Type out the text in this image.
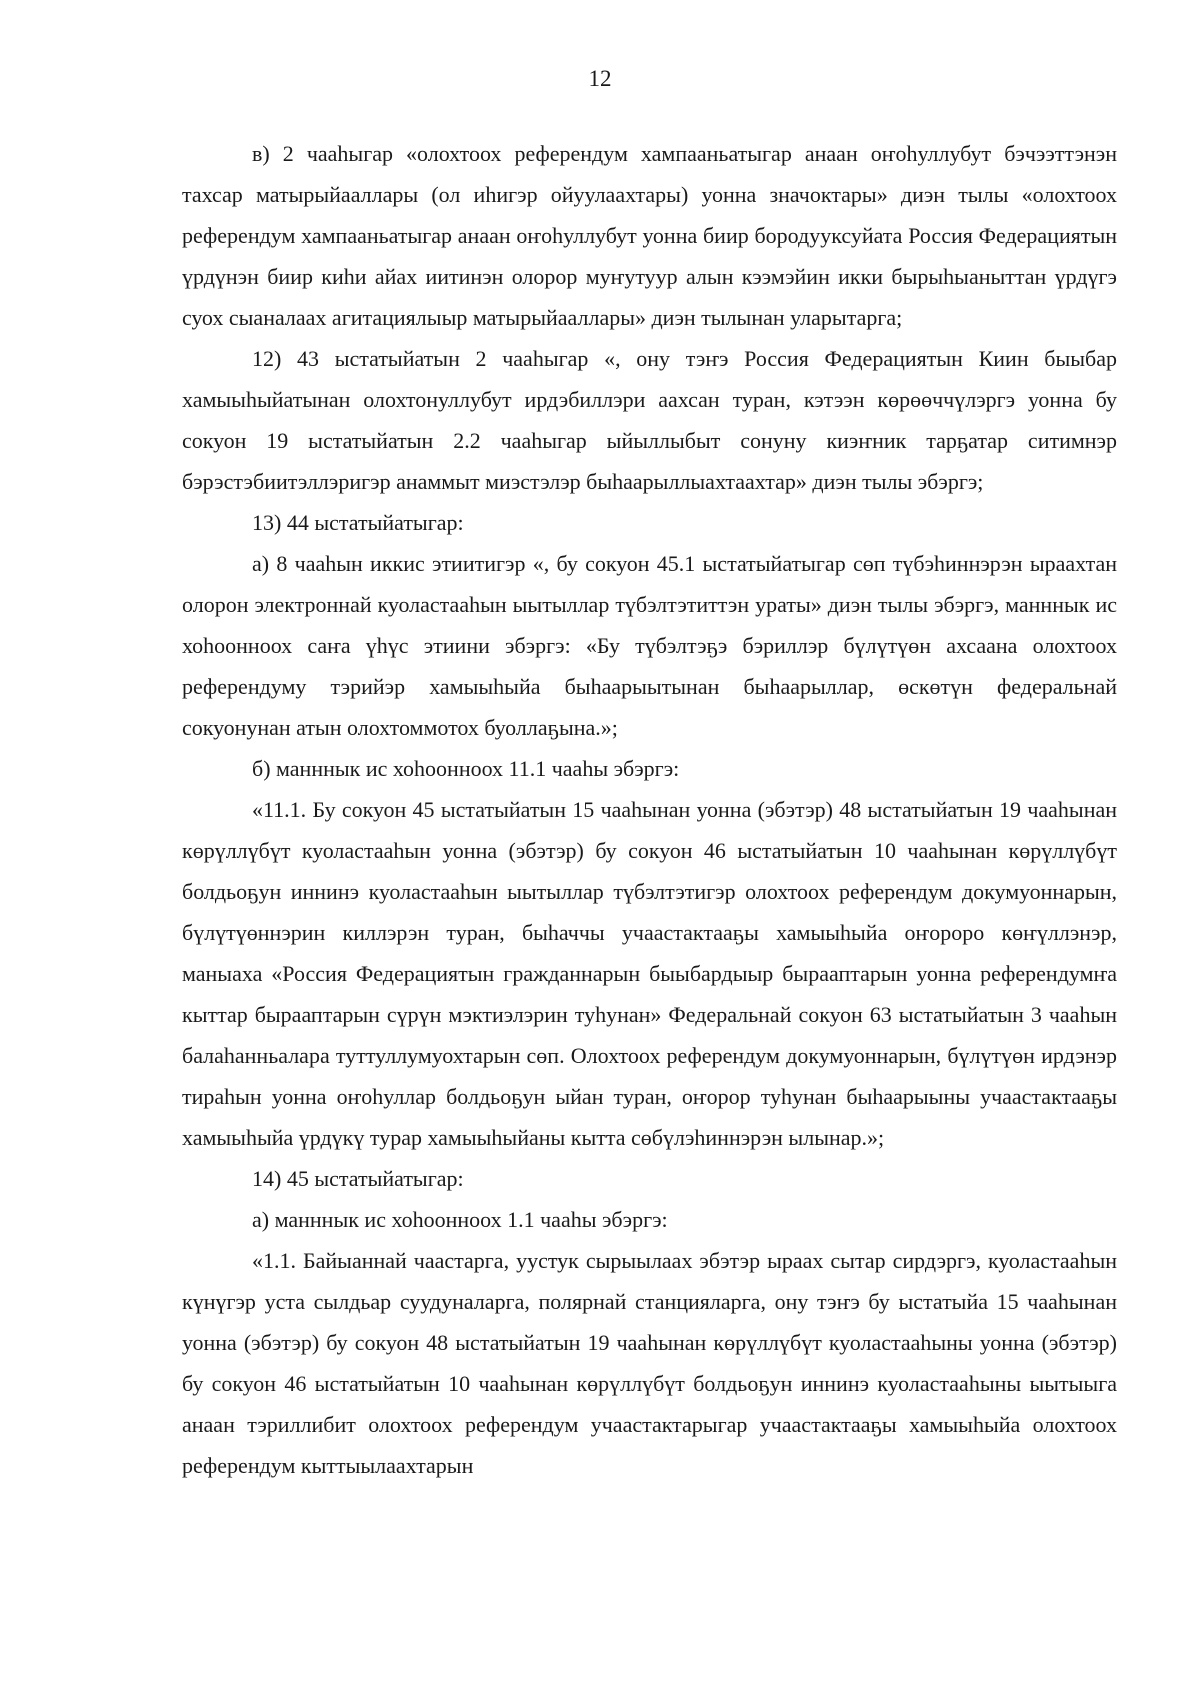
12

в) 2 чааһыгар «олохтоох референдум хампааньатыгар анаан оҥоһуллубут бэчээттэнэн тахсар матырыйааллары (ол иһигэр ойуулаахтары) уонна значоктары» диэн тылы «олохтоох референдум хампааньатыгар анаан оҥоһуллубут уонна биир бородууксуйата Россия Федерациятын үрдүнэн биир киһи айах иитинэн олорор муҥутуур алын кээмэйин икки бырыһыаныттан үрдүгэ суох сыаналаах агитациялыыр матырыйааллары» диэн тылынан уларытарга;

12) 43 ыстатыйатын 2 чааһыгар «, ону тэҥэ Россия Федерациятын Киин быыбар хамыыһыйатынан олохтонуллубут ирдэбиллэри аахсан туран, кэтээн көрөөччүлэргэ уонна бу сокуон 19 ыстатыйатын 2.2 чааһыгар ыйыллыбыт сонуну киэҥник тарҕатар ситимнэр бэрэстэбиитэллэригэр анаммыт миэстэлэр быһаарыллыахтаахтар» диэн тылы эбэргэ;

13) 44 ыстатыйатыгар:

а) 8 чааһын иккис этиитигэр «, бу сокуон 45.1 ыстатыйатыгар сөп түбэһиннэрэн ыраахтан олорон электроннай куоластааһын ыытыллар түбэлтэтиттэн ураты» диэн тылы эбэргэ, манннык ис хоһоонноох саҥа үһүс этиини эбэргэ: «Бу түбэлтэҕэ бэриллэр бүлүтүөн ахсаана олохтоох референдуму тэрийэр хамыыһыйа быһаарыытынан быһаарыллар, өскөтүн федеральнай сокуонунан атын олохтоммотох буоллаҕына.»;

б) манннык ис хоһоонноох 11.1 чааһы эбэргэ:

«11.1. Бу сокуон 45 ыстатыйатын 15 чааһынан уонна (эбэтэр) 48 ыстатыйатын 19 чааһынан көрүллүбүт куоластааһын уонна (эбэтэр) бу сокуон 46 ыстатыйатын 10 чааһынан көрүллүбүт болдьоҕун иннинэ куоластааһын ыытыллар түбэлтэтигэр олохтоох референдум докумуоннарын, бүлүтүөннэрин киллэрэн туран, быһаччы учаастактааҕы хамыыһыйа оҥороро көҥүллэнэр, маныаха «Россия Федерациятын гражданнарын быыбардыыр бырааптарын уонна референдумҥа кыттар бырааптарын сүрүн мэктиэлэрин туһунан» Федеральнай сокуон 63 ыстатыйатын 3 чааһын балаһанньалара туттуллумуохтарын сөп. Олохтоох референдум докумуоннарын, бүлүтүөн ирдэнэр тираһын уонна оҥоһуллар болдьоҕун ыйан туран, оҥорор туһунан быһаарыыны учаастактааҕы хамыыһыйа үрдүкү турар хамыыһыйаны кытта сөбүлэһиннэрэн ылынар.»;

14) 45 ыстатыйатыгар:

а) манннык ис хоһоонноох 1.1 чааһы эбэргэ:

«1.1. Байыаннай чаастарга, уустук сырыылаах эбэтэр ыраах сытар сирдэргэ, куоластааһын күнүгэр уста сылдьар суудуналарга, полярнай станцияларга, ону тэҥэ бу ыстатыйа 15 чааһынан уонна (эбэтэр) бу сокуон 48 ыстатыйатын 19 чааһынан көрүллүбүт куоластааһыны уонна (эбэтэр) бу сокуон 46 ыстатыйатын 10 чааһынан көрүллүбүт болдьоҕун иннинэ куоластааһыны ыытыыга анаан тэриллибит олохтоох референдум учаастактарыгар учаастактааҕы хамыыһыйа олохтоох референдум кыттыылаахтарын
